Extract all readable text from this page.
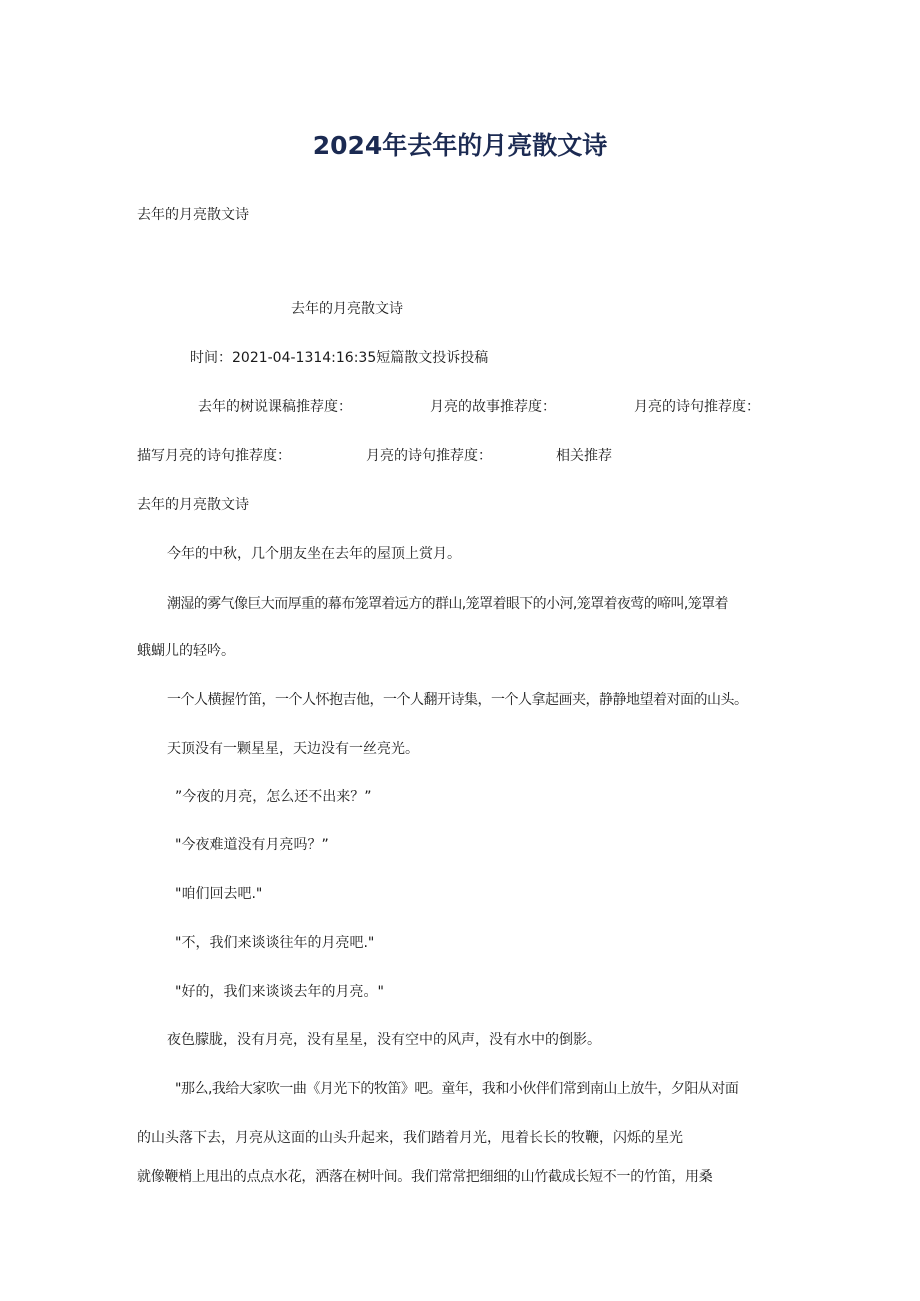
2024年去年的月亮散文诗
去年的月亮散文诗
去年的月亮散文诗
时间：2021-04-1314:16:35短篇散文投诉投稿
去年的树说课稿推荐度：	月亮的故事推荐度：	月亮的诗句推荐度：
描写月亮的诗句推荐度：	月亮的诗句推荐度：	相关推荐
去年的月亮散文诗
今年的中秋，几个朋友坐在去年的屋顶上赏月。
潮湿的雾气像巨大而厚重的幕布笼罩着远方的群山,笼罩着眼下的小河,笼罩着夜莺的啼叫,笼罩着
蛾蝴儿的轻吟。
一个人横握竹笛，一个人怀抱吉他，一个人翻开诗集，一个人拿起画夹，静静地望着对面的山头。
天顶没有一颗星星，天边没有一丝亮光。
”今夜的月亮，怎么还不出来？”
"今夜难道没有月亮吗？”
"咱们回去吧."
"不，我们来谈谈往年的月亮吧."
"好的，我们来谈谈去年的月亮。"
夜色朦胧，没有月亮，没有星星，没有空中的风声，没有水中的倒影。
"那么,我给大家吹一曲《月光下的牧笛》吧。童年，我和小伙伴们常到南山上放牛，夕阳从对面
的山头落下去，月亮从这面的山头升起来，我们踏着月光，甩着长长的牧鞭，闪烁的星光
就像鞭梢上甩出的点点水花，洒落在树叶间。我们常常把细细的山竹截成长短不一的竹笛，用桑
